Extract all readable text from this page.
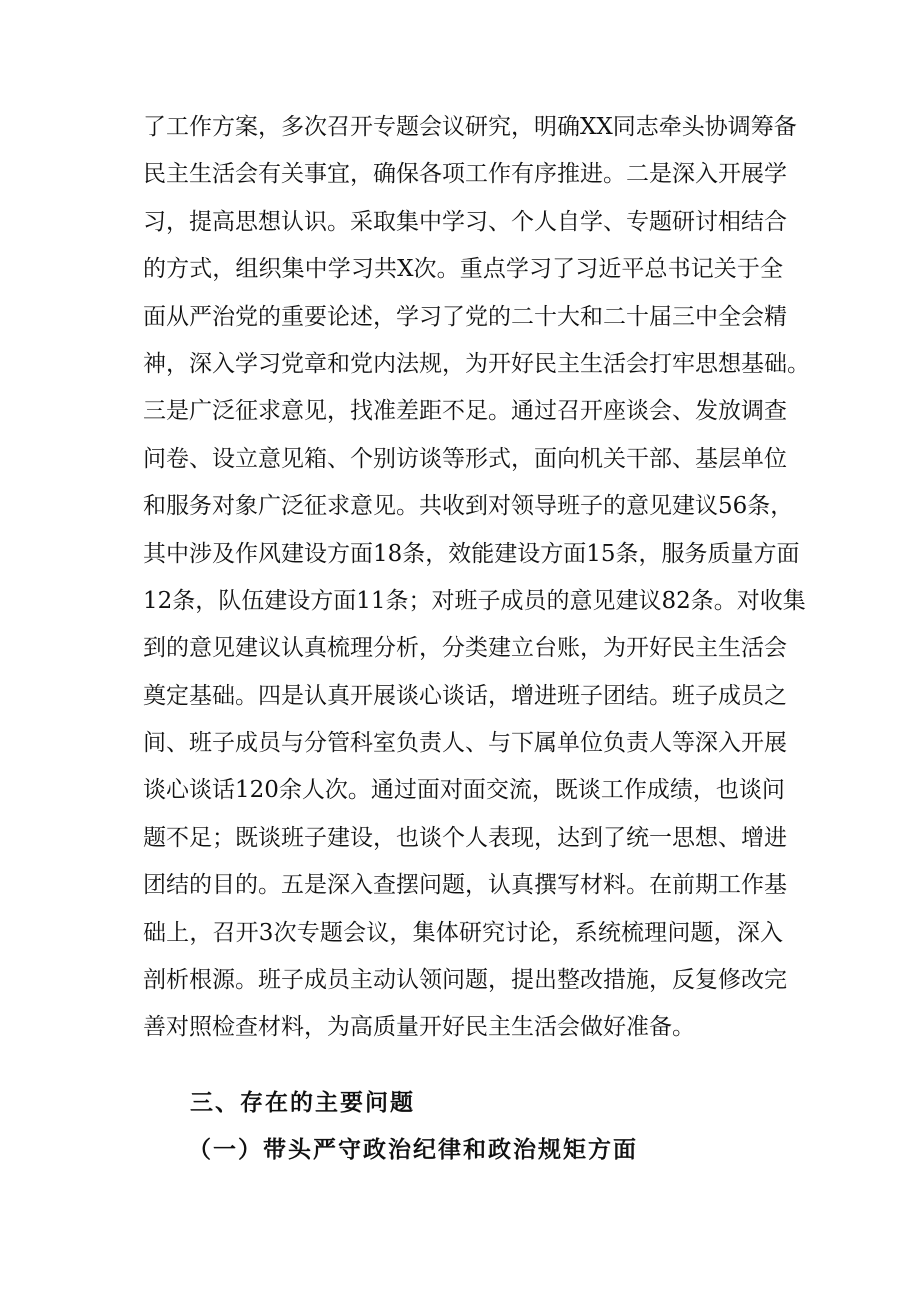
了工作方案，多次召开专题会议研究，明确XX同志牵头协调筹备
民主生活会有关事宜，确保各项工作有序推进。二是深入开展学
习，提高思想认识。采取集中学习、个人自学、专题研讨相结合
的方式，组织集中学习共X次。重点学习了习近平总书记关于全
面从严治党的重要论述，学习了党的二十大和二十届三中全会精
神，深入学习党章和党内法规，为开好民主生活会打牢思想基础。
三是广泛征求意见，找准差距不足。通过召开座谈会、发放调查
问卷、设立意见箱、个别访谈等形式，面向机关干部、基层单位
和服务对象广泛征求意见。共收到对领导班子的意见建议56条，
其中涉及作风建设方面18条，效能建设方面15条，服务质量方面
12条，队伍建设方面11条；对班子成员的意见建议82条。对收集
到的意见建议认真梳理分析，分类建立台账，为开好民主生活会
奠定基础。四是认真开展谈心谈话，增进班子团结。班子成员之
间、班子成员与分管科室负责人、与下属单位负责人等深入开展
谈心谈话120余人次。通过面对面交流，既谈工作成绩，也谈问
题不足；既谈班子建设，也谈个人表现，达到了统一思想、增进
团结的目的。五是深入查摆问题，认真撰写材料。在前期工作基
础上，召开3次专题会议，集体研究讨论，系统梳理问题，深入
剖析根源。班子成员主动认领问题，提出整改措施，反复修改完
善对照检查材料，为高质量开好民主生活会做好准备。
三、存在的主要问题
（一）带头严守政治纪律和政治规矩方面
